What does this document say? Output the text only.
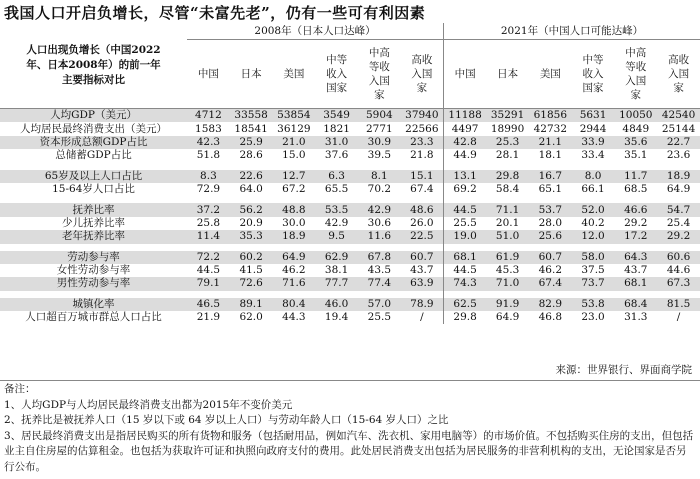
我国人口开启负增长，尽管“未富先老”，仍有一些可有利因素
人口出现负增长（中国2022
年、日本2008年）的前一年
主要指标对比	2008年（日本人口达峰）						2021年（中国人口可能达峰）					
	中国	日本	美国	中等收入国家	中高等收入国家	高收入国家	中国	日本	美国	中等收入国家	中高等收入国家	高收入国家
人均GDP（美元）	4712	33558	53854	3549	5904	37940	11188	35291	61856	5631	10050	42540
人均居民最终消费支出（美元）	1583	18541	36129	1821	2771	22566	4497	18990	42732	2944	4849	25144
资本形成总额GDP占比	42.3	25.9	21.0	31.0	30.9	23.3	42.8	25.3	21.1	33.9	35.6	22.7
总储蓄GDP占比	51.8	28.6	15.0	37.6	39.5	21.8	44.9	28.1	18.1	33.4	35.1	23.6

65岁及以上人口占比	8.3	22.6	12.7	6.3	8.1	15.1	13.1	29.8	16.7	8.0	11.7	18.9
15-64岁人口占比	72.9	64.0	67.2	65.5	70.2	67.4	69.2	58.4	65.1	66.1	68.5	64.9

抚养比率	37.2	56.2	48.8	53.5	42.9	48.6	44.5	71.1	53.7	52.0	46.6	54.7
少儿抚养比率	25.8	20.9	30.0	42.9	30.6	26.0	25.5	20.1	28.0	40.2	29.2	25.4
老年抚养比率	11.4	35.3	18.9	9.5	11.6	22.5	19.0	51.0	25.6	12.0	17.2	29.2

劳动参与率	72.2	60.2	64.9	62.9	67.8	60.7	68.1	61.9	60.7	58.0	64.3	60.6
女性劳动参与率	44.5	41.5	46.2	38.1	43.5	43.7	44.5	45.3	46.2	37.5	43.7	44.6
男性劳动参与率	79.1	72.6	71.6	77.7	77.4	63.9	74.3	71.0	67.4	73.7	68.1	67.3

城镇化率	46.5	89.1	80.4	46.0	57.0	78.9	62.5	91.9	82.9	53.8	68.4	81.5
人口超百万城市群总人口占比	21.9	62.0	44.3	19.4	25.5	/	29.8	64.9	46.8	23.0	31.3	/
来源：世界银行、界面商学院
备注：
1、人均GDP与人均居民最终消费支出都为2015年不变价美元
2、抚养比是被抚养人口（15 岁以下或 64 岁以上人口）与劳动年龄人口（15-64 岁人口）之比
3、居民最终消费支出是指居民购买的所有货物和服务（包括耐用品，例如汽车、洗衣机、家用电脑等）的市场价值。不包括购买住房的支出，但包括业主自住房屋的估算租金。也包括为获取许可证和执照向政府支付的费用。此处居民消费支出包括为居民服务的非营利机构的支出，无论国家是否另行公布。
